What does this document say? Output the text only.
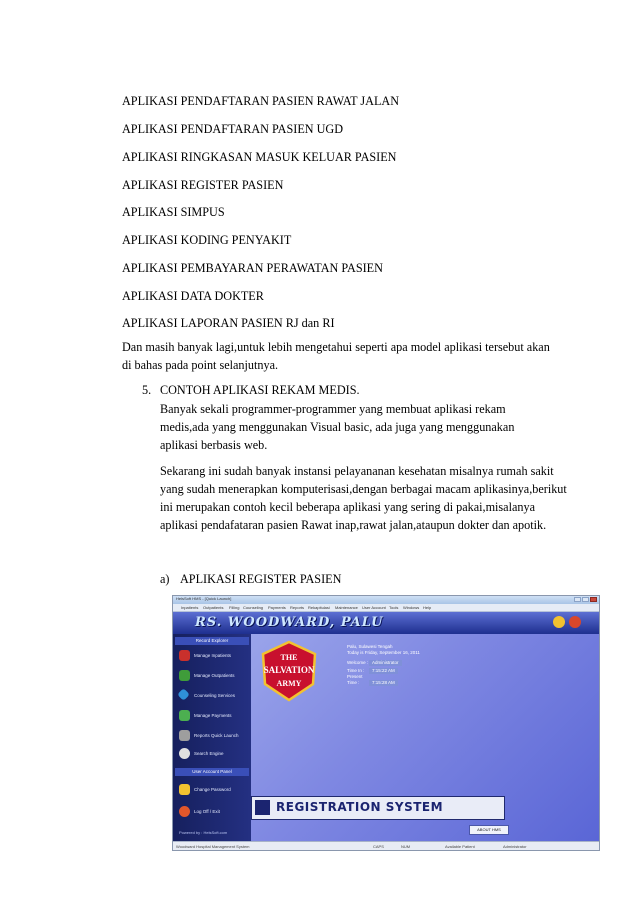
APLIKASI PENDAFTARAN PASIEN RAWAT JALAN
APLIKASI PENDAFTARAN PASIEN UGD
APLIKASI RINGKASAN MASUK KELUAR PASIEN
APLIKASI REGISTER PASIEN
APLIKASI SIMPUS
APLIKASI KODING PENYAKIT
APLIKASI PEMBAYARAN PERAWATAN PASIEN
APLIKASI DATA DOKTER
APLIKASI LAPORAN PASIEN RJ dan RI
Dan masih banyak lagi,untuk lebih mengetahui seperti apa model aplikasi tersebut akan di bahas pada point selanjutnya.
5. CONTOH APLIKASI REKAM MEDIS.
Banyak sekali programmer-programmer yang membuat aplikasi rekam medis,ada yang menggunakan Visual basic, ada juga yang menggunakan aplikasi berbasis web.
Sekarang ini sudah banyak instansi pelayananan kesehatan misalnya rumah sakit yang sudah menerapkan komputerisasi,dengan berbagai macam aplikasinya,berikut ini merupakan contoh kecil beberapa aplikasi yang sering di pakai,misalanya aplikasi pendafataran pasien Rawat inap,rawat jalan,ataupun dokter dan apotik.
a) APLIKASI REGISTER PASIEN
HelsSoft HMS - [Quick Launch]
Inpatients Outpatients Filling Counseling Payments Reports Rekapitulasi Maintenance User Account Tools Windows Help
RS. WOODWARD, PALU
Record Explorer
Manage Inpatients
Manage Outpatients
Counseling Services
Manage Payments
Reports Quick Launch
Search Engine
User Account Panel
Change Password
Log Off / Exit
Powered by : HelsSoft.com
THE
SALVATION
ARMY
Palu, Sulawesi Tengah
Today is Friday, September 16, 2011
Welcome : Administrator
Time In : 7:15:22 AM
Present Time :	7:15:28 AM
REGISTRATION SYSTEM
ABOUT HMS
Woodward Hospital Management System	CAPS	NUM	Available Patient	Administrator
